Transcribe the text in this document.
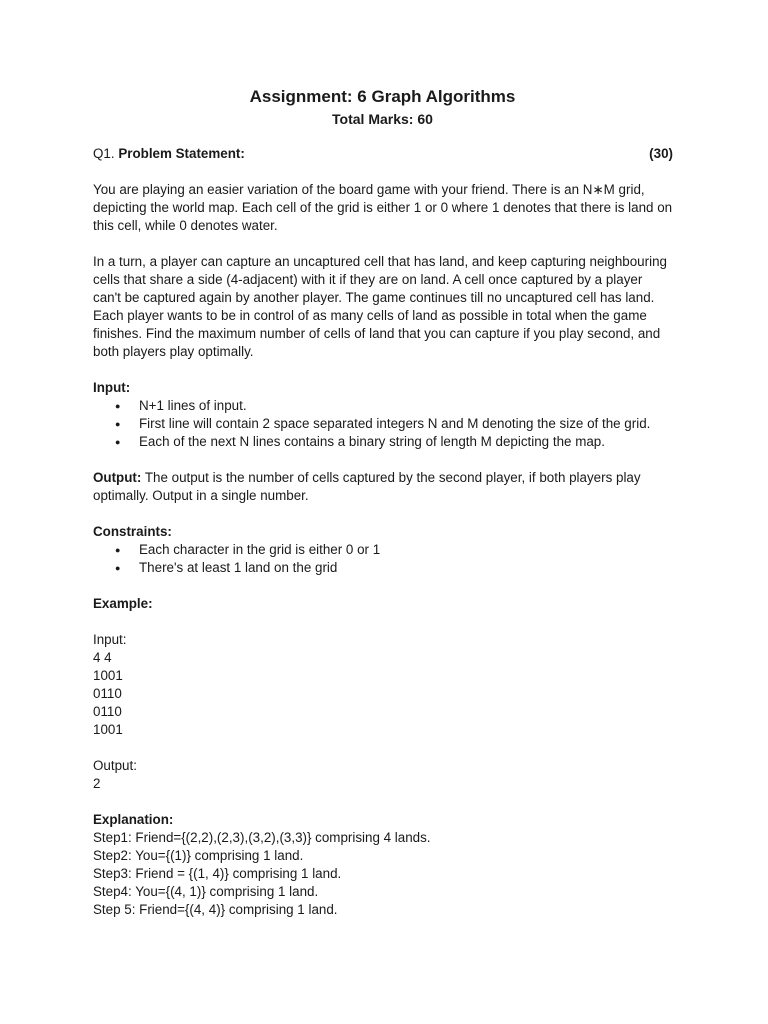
Assignment: 6 Graph Algorithms
Total Marks: 60
Q1. Problem Statement:	(30)

You are playing an easier variation of the board game with your friend. There is an N∗M grid, depicting the world map. Each cell of the grid is either 1 or 0 where 1 denotes that there is land on this cell, while 0 denotes water.

In a turn, a player can capture an uncaptured cell that has land, and keep capturing neighbouring cells that share a side (4-adjacent) with it if they are on land. A cell once captured by a player can't be captured again by another player. The game continues till no uncaptured cell has land. Each player wants to be in control of as many cells of land as possible in total when the game finishes. Find the maximum number of cells of land that you can capture if you play second, and both players play optimally.

Input:

● N+1 lines of input.
● First line will contain 2 space separated integers N and M denoting the size of the grid.
● Each of the next N lines contains a binary string of length M depicting the map.

Output: The output is the number of cells captured by the second player, if both players play optimally. Output in a single number.

Constraints:

● Each character in the grid is either 0 or 1
● There's at least 1 land on the grid

Example:

Input:

4 4
1001
0110
0110
1001

Output:

2

Explanation:

Step1: Friend={(2,2),(2,3),(3,2),(3,3)} comprising 4 lands.

Step2: You={(1)} comprising 1 land.

Step3: Friend = {(1, 4)} comprising 1 land.

Step4: You={(4, 1)} comprising 1 land.

Step 5: Friend={(4, 4)} comprising 1 land.
